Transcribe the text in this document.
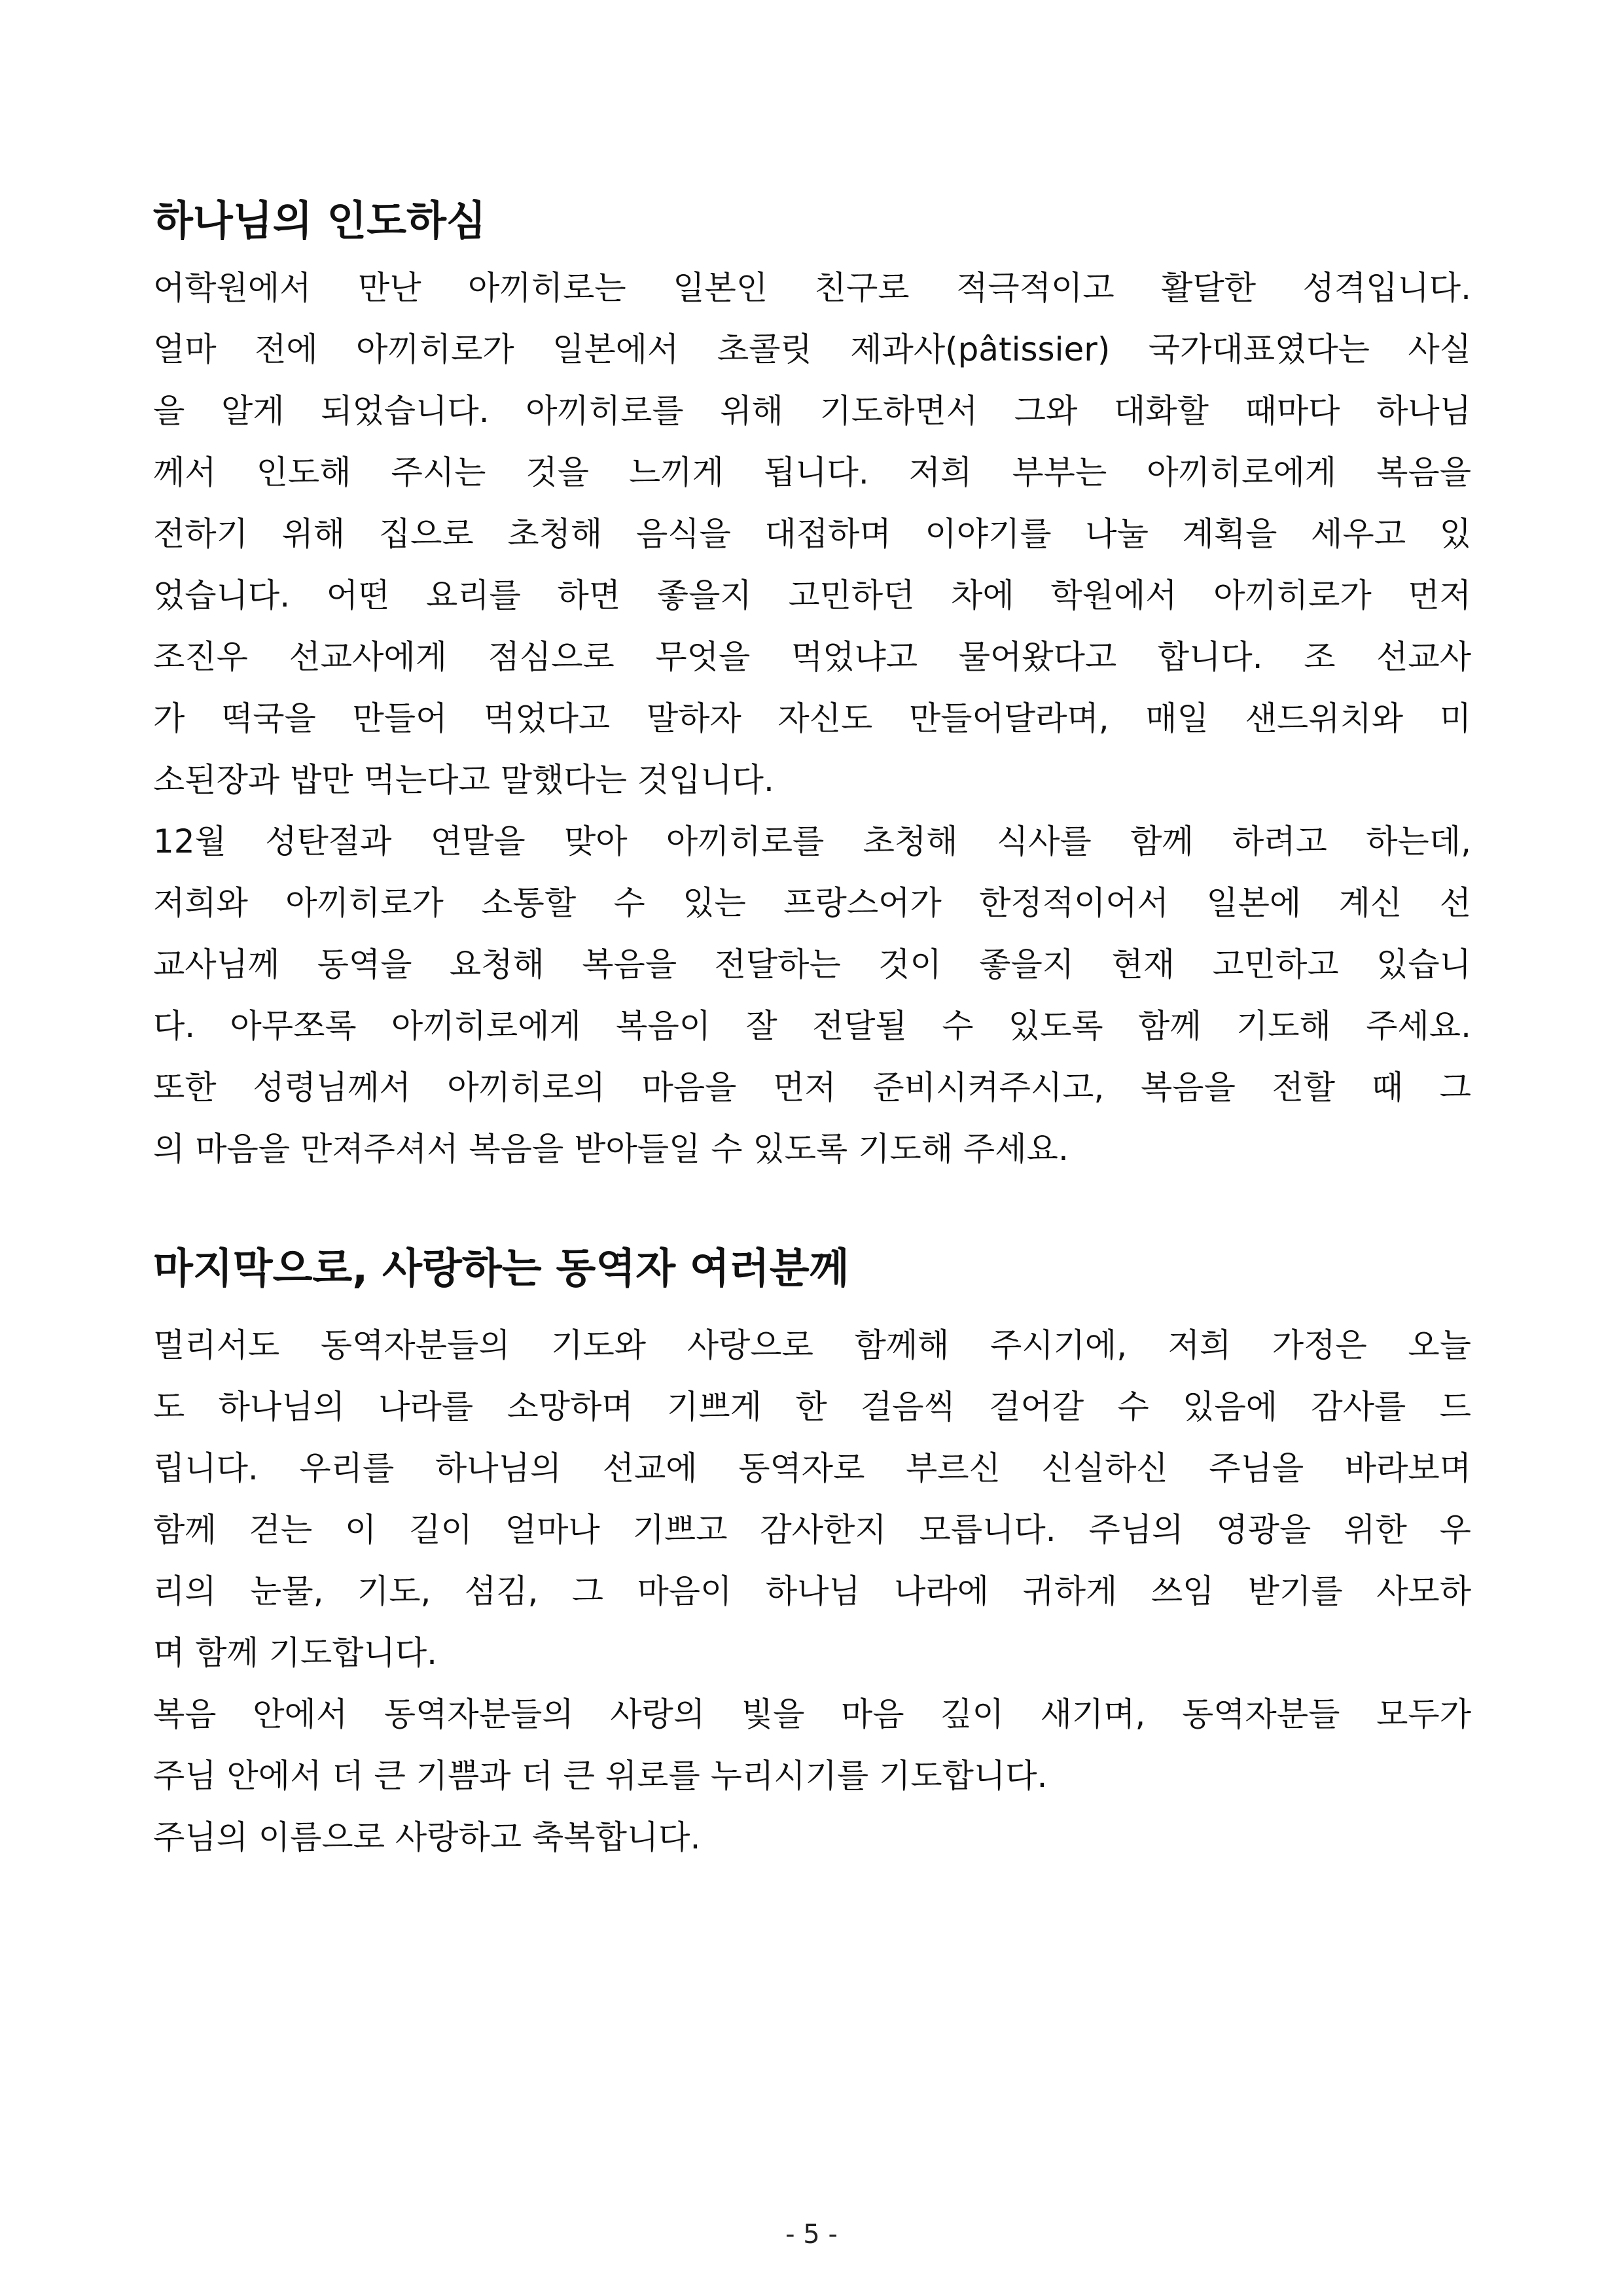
하나님의 인도하심
어학원에서 만난 아끼히로는 일본인 친구로 적극적이고 활달한 성격입니다.
얼마 전에 아끼히로가 일본에서 초콜릿 제과사(pâtissier) 국가대표였다는 사실
을 알게 되었습니다. 아끼히로를 위해 기도하면서 그와 대화할 때마다 하나님
께서 인도해 주시는 것을 느끼게 됩니다. 저희 부부는 아끼히로에게 복음을
전하기 위해 집으로 초청해 음식을 대접하며 이야기를 나눌 계획을 세우고 있
었습니다. 어떤 요리를 하면 좋을지 고민하던 차에 학원에서 아끼히로가 먼저
조진우 선교사에게 점심으로 무엇을 먹었냐고 물어왔다고 합니다. 조 선교사
가 떡국을 만들어 먹었다고 말하자 자신도 만들어달라며, 매일 샌드위치와 미
소된장과 밥만 먹는다고 말했다는 것입니다.
12월 성탄절과 연말을 맞아 아끼히로를 초청해 식사를 함께 하려고 하는데,
저희와 아끼히로가 소통할 수 있는 프랑스어가 한정적이어서 일본에 계신 선
교사님께 동역을 요청해 복음을 전달하는 것이 좋을지 현재 고민하고 있습니
다. 아무쪼록 아끼히로에게 복음이 잘 전달될 수 있도록 함께 기도해 주세요.
또한 성령님께서 아끼히로의 마음을 먼저 준비시켜주시고, 복음을 전할 때 그
의 마음을 만져주셔서 복음을 받아들일 수 있도록 기도해 주세요.
마지막으로, 사랑하는 동역자 여러분께
멀리서도 동역자분들의 기도와 사랑으로 함께해 주시기에, 저희 가정은 오늘
도 하나님의 나라를 소망하며 기쁘게 한 걸음씩 걸어갈 수 있음에 감사를 드
립니다. 우리를 하나님의 선교에 동역자로 부르신 신실하신 주님을 바라보며
함께 걷는 이 길이 얼마나 기쁘고 감사한지 모릅니다. 주님의 영광을 위한 우
리의 눈물, 기도, 섬김, 그 마음이 하나님 나라에 귀하게 쓰임 받기를 사모하
며 함께 기도합니다.
복음 안에서 동역자분들의 사랑의 빛을 마음 깊이 새기며, 동역자분들 모두가
주님 안에서 더 큰 기쁨과 더 큰 위로를 누리시기를 기도합니다.
주님의 이름으로 사랑하고 축복합니다.
- 5 -
